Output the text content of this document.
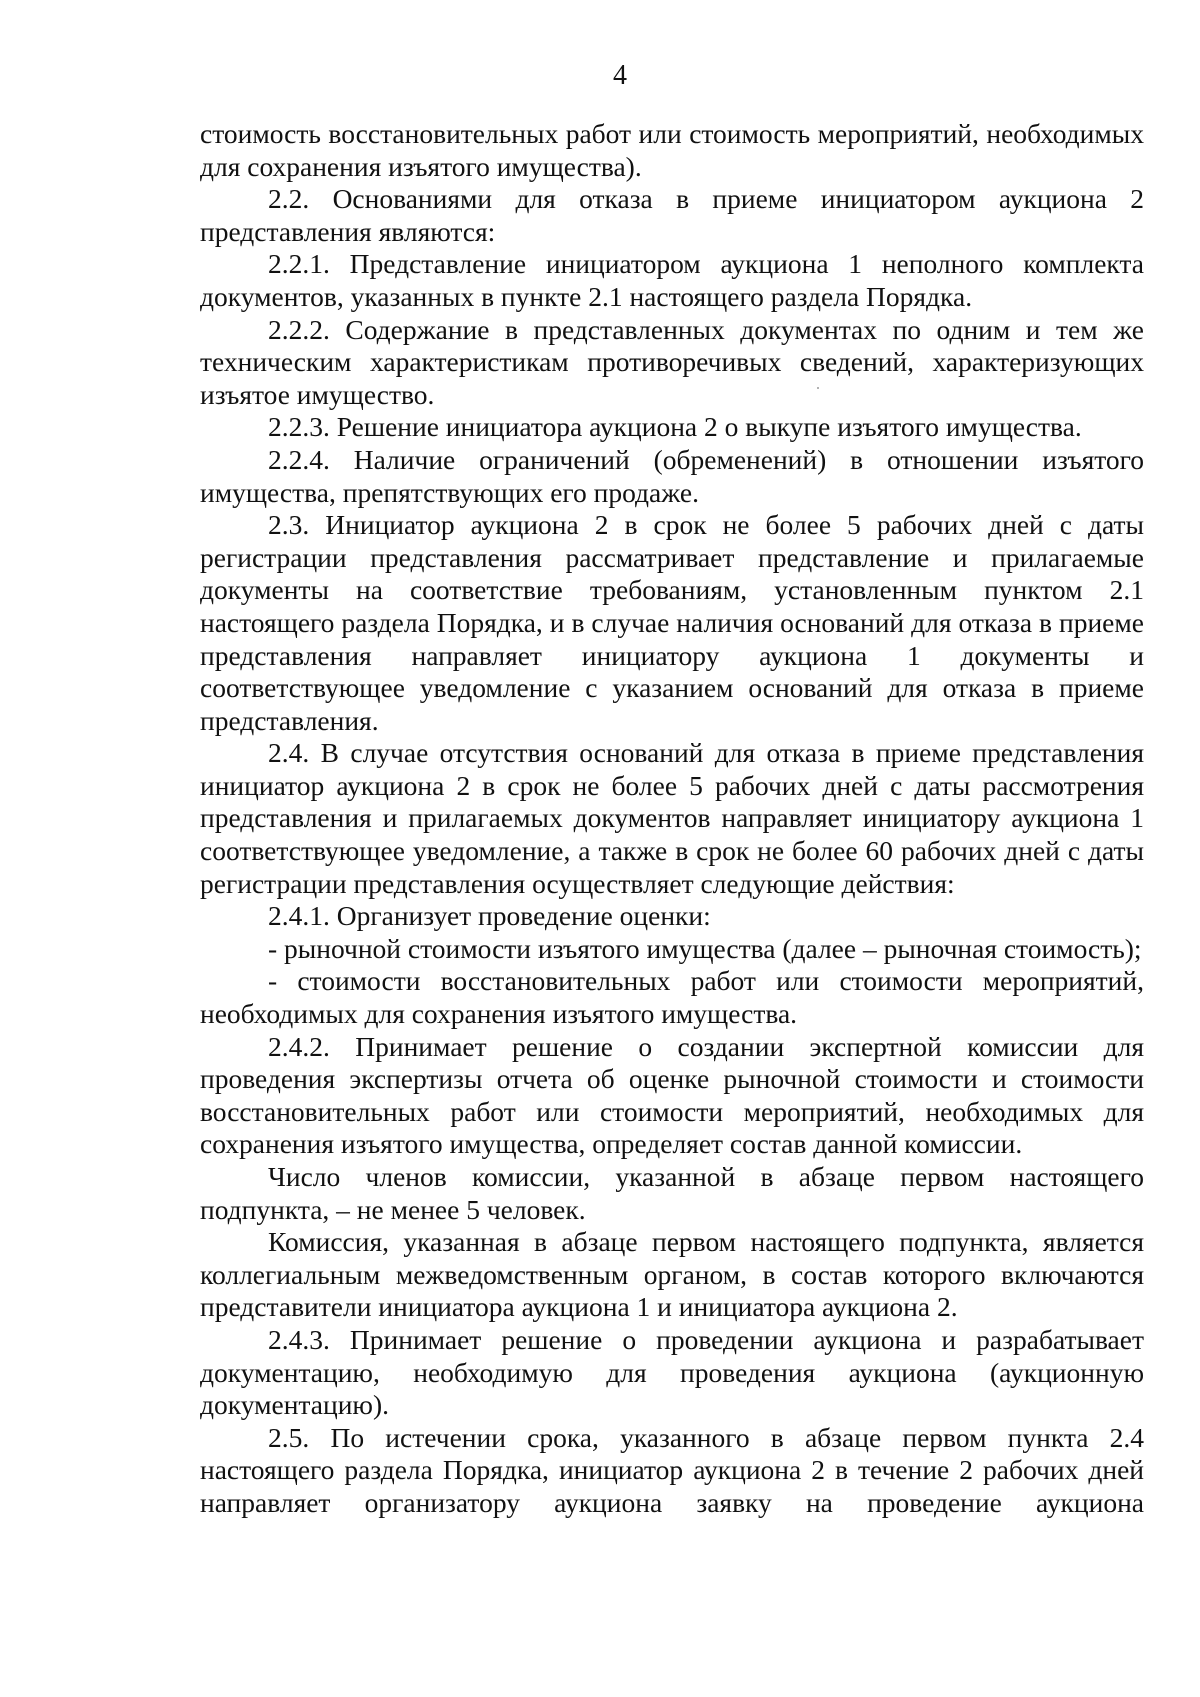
4

стоимость восстановительных работ или стоимость мероприятий, необходимых для сохранения изъятого имущества).

2.2. Основаниями для отказа в приеме инициатором аукциона 2 представления являются:

2.2.1. Представление инициатором аукциона 1 неполного комплекта документов, указанных в пункте 2.1 настоящего раздела Порядка.

2.2.2. Содержание в представленных документах по одним и тем же техническим характеристикам противоречивых сведений, характеризующих изъятое имущество.

2.2.3. Решение инициатора аукциона 2 о выкупе изъятого имущества.

2.2.4. Наличие ограничений (обременений) в отношении изъятого имущества, препятствующих его продаже.

2.3. Инициатор аукциона 2 в срок не более 5 рабочих дней с даты регистрации представления рассматривает представление и прилагаемые документы на соответствие требованиям, установленным пунктом 2.1 настоящего раздела Порядка, и в случае наличия оснований для отказа в приеме представления направляет инициатору аукциона 1 документы и соответствующее уведомление с указанием оснований для отказа в приеме представления.

2.4. В случае отсутствия оснований для отказа в приеме представления инициатор аукциона 2 в срок не более 5 рабочих дней с даты рассмотрения представления и прилагаемых документов направляет инициатору аукциона 1 соответствующее уведомление, а также в срок не более 60 рабочих дней с даты регистрации представления осуществляет следующие действия:

2.4.1. Организует проведение оценки:

- рыночной стоимости изъятого имущества (далее – рыночная стоимость);

- стоимости восстановительных работ или стоимости мероприятий, необходимых для сохранения изъятого имущества.

2.4.2. Принимает решение о создании экспертной комиссии для проведения экспертизы отчета об оценке рыночной стоимости и стоимости восстановительных работ или стоимости мероприятий, необходимых для сохранения изъятого имущества, определяет состав данной комиссии.

Число членов комиссии, указанной в абзаце первом настоящего подпункта, – не менее 5 человек.

Комиссия, указанная в абзаце первом настоящего подпункта, является коллегиальным межведомственным органом, в состав которого включаются представители инициатора аукциона 1 и инициатора аукциона 2.

2.4.3. Принимает решение о проведении аукциона и разрабатывает документацию, необходимую для проведения аукциона (аукционную документацию).

2.5. По истечении срока, указанного в абзаце первом пункта 2.4 настоящего раздела Порядка, инициатор аукциона 2 в течение 2 рабочих дней направляет организатору аукциона заявку на проведение аукциона
